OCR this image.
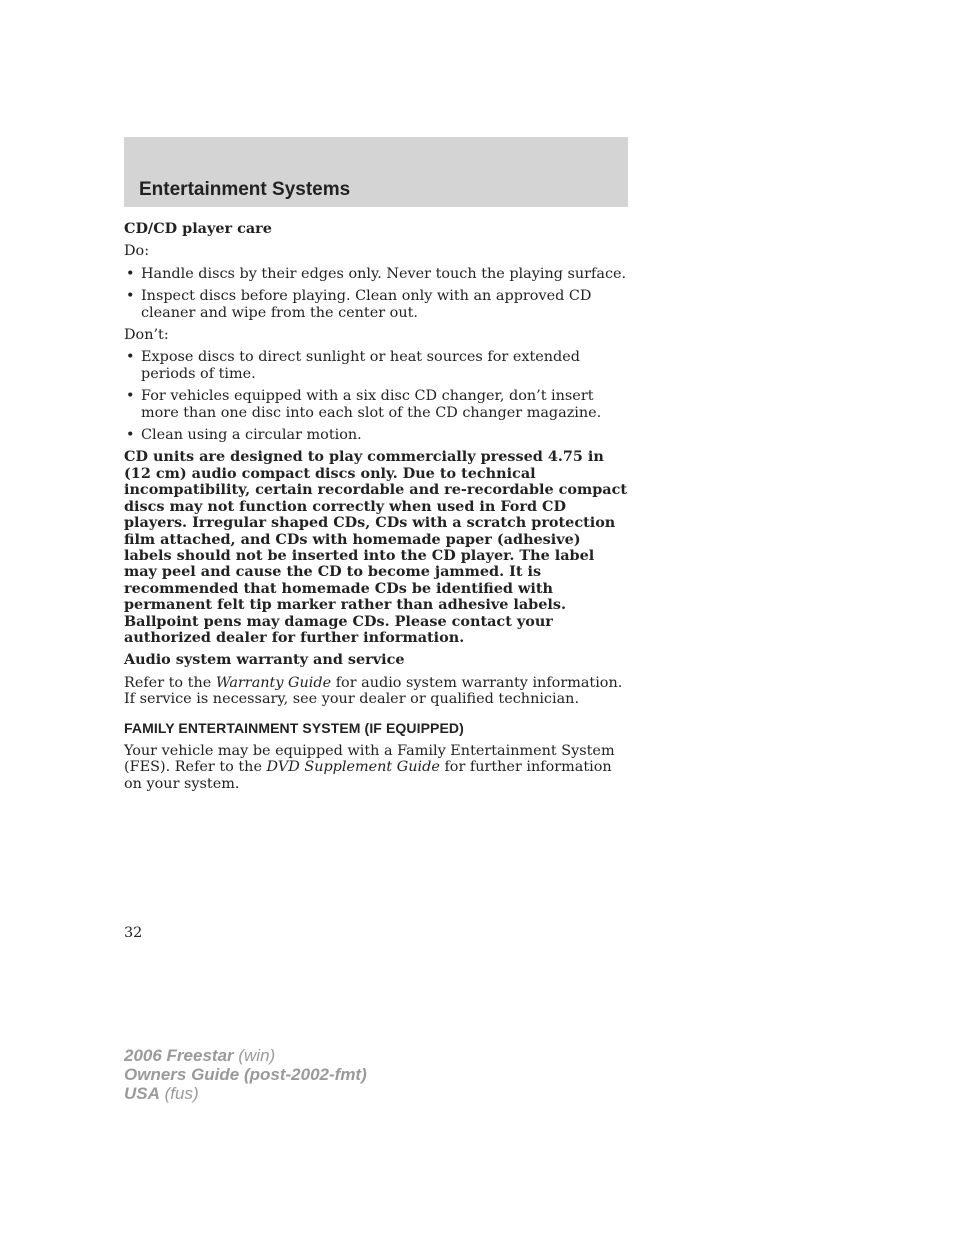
Entertainment Systems

CD/CD player care

Do:

• Handle discs by their edges only. Never touch the playing surface.
• Inspect discs before playing. Clean only with an approved CD cleaner and wipe from the center out.

Don’t:

• Expose discs to direct sunlight or heat sources for extended periods of time.
• For vehicles equipped with a six disc CD changer, don’t insert more than one disc into each slot of the CD changer magazine.
• Clean using a circular motion.

CD units are designed to play commercially pressed 4.75 in (12 cm) audio compact discs only. Due to technical incompatibility, certain recordable and re-recordable compact discs may not function correctly when used in Ford CD players. Irregular shaped CDs, CDs with a scratch protection film attached, and CDs with homemade paper (adhesive) labels should not be inserted into the CD player. The label may peel and cause the CD to become jammed. It is recommended that homemade CDs be identified with permanent felt tip marker rather than adhesive labels. Ballpoint pens may damage CDs. Please contact your authorized dealer for further information.

Audio system warranty and service

Refer to the Warranty Guide for audio system warranty information. If service is necessary, see your dealer or qualified technician.

FAMILY ENTERTAINMENT SYSTEM (IF EQUIPPED)

Your vehicle may be equipped with a Family Entertainment System (FES). Refer to the DVD Supplement Guide for further information on your system.

32
2006 Freestar (win)
Owners Guide (post-2002-fmt)
USA (fus)
